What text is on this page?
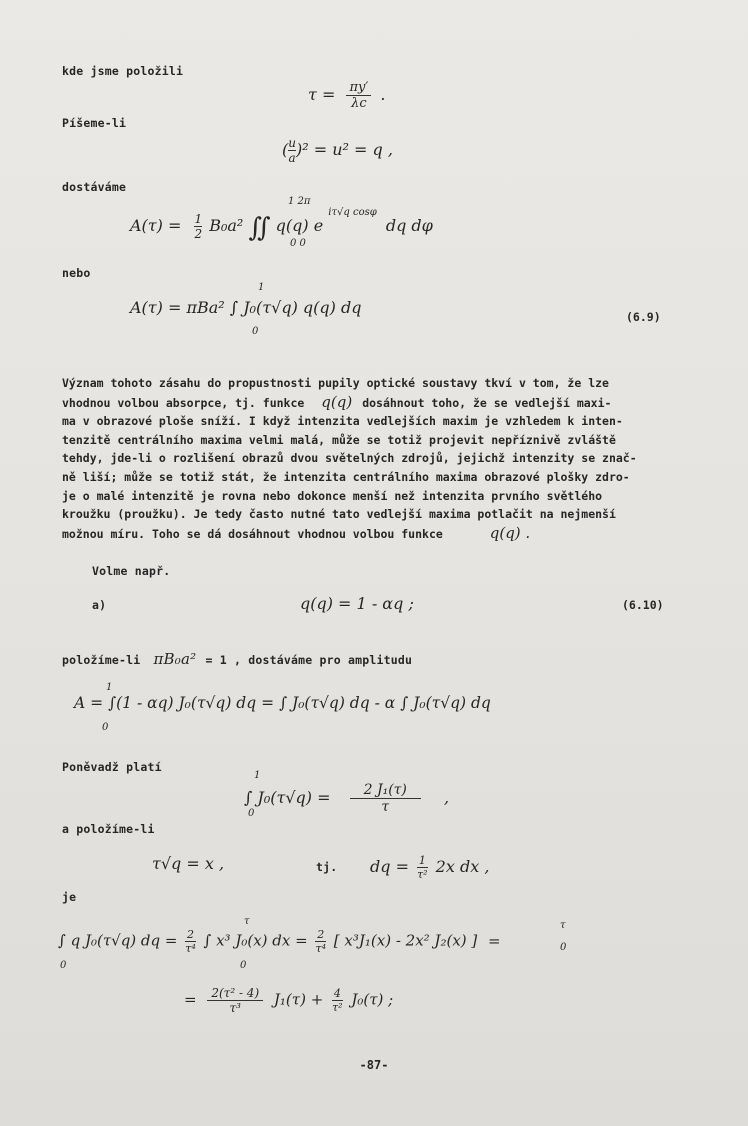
kde jsme položili
$\tau = \frac{\pi y'}{\lambda c}$ .
Píšeme-li
( $\frac{u}{a} )^2 = u^2 = q$ ,
dostáváme
$A(\tau) = \frac{1}{2} B_0a^2$ ∬ q(q) e $^{i\tau√q cos\varphi}$ dq dφ
1 2π
0 0
nebo
A(τ) = πBa² ∫ J₀(τ√q) q(q) dq
1
0
(6.9)
Význam tohoto zásahu do propustnosti pupily optické soustavy tkví v tom, že lze
vhodnou volbou absorpce, tj. funkce q(q) dosáhnout toho, že se vedlejší maxi-
ma v obrazové ploše sníží. I když intenzita vedlejších maxim je vzhledem k inten-
tenzitě centrálního maxima velmi malá, může se totiž projevit nepříznivě zvláště
tehdy, jde-li o rozlišení obrazů dvou světelných zdrojů, jejichž intenzity se znač-
ně liší; může se totiž stát, že intenzita centrálního maxima obrazové plošky zdro-
je o malé intenzitě je rovna nebo dokonce menší než intenzita prvního světlého
kroužku (proužku). Je tedy často nutné tato vedlejší maxima potlačit na nejmenší
možnou míru. Toho se dá dosáhnout vhodnou volbou funkce	q(q) .
Volme např.
a)	q(q) = 1 - αq ;	(6.10)
položíme-li πB₀a² = 1 , dostáváme pro amplitudu
A = ∫(1 - αq) J₀(τ√q) dq = ∫ J₀(τ√q) dq - α ∫ J₀(τ√q) dq
1
0
Poněvadž platí
∫ $J_0(\tau√q) = \frac{\text{2 J₁(τ)}}{\tau}$ ,
1
0
a položíme-li
τ√q = x ,	tj. dq = $\frac{1}{\text{τ²}} 2x$ dx ,
je
∫ q J₀(τ√q) dq = $\frac{2}{\text{τ⁴}}$ ∫ x³ J₀(x) dx = $\frac{2}{\text{τ⁴}}$ [ x³J₁(x) - 2x² J₂(x) ] =
0
τ
0
τ
0
= $\frac{\text{2(τ² - 4)}}{\text{τ³}} J_1(\tau) + \frac{4}{\text{τ²}} J_0(\tau)$ ;
-87-
